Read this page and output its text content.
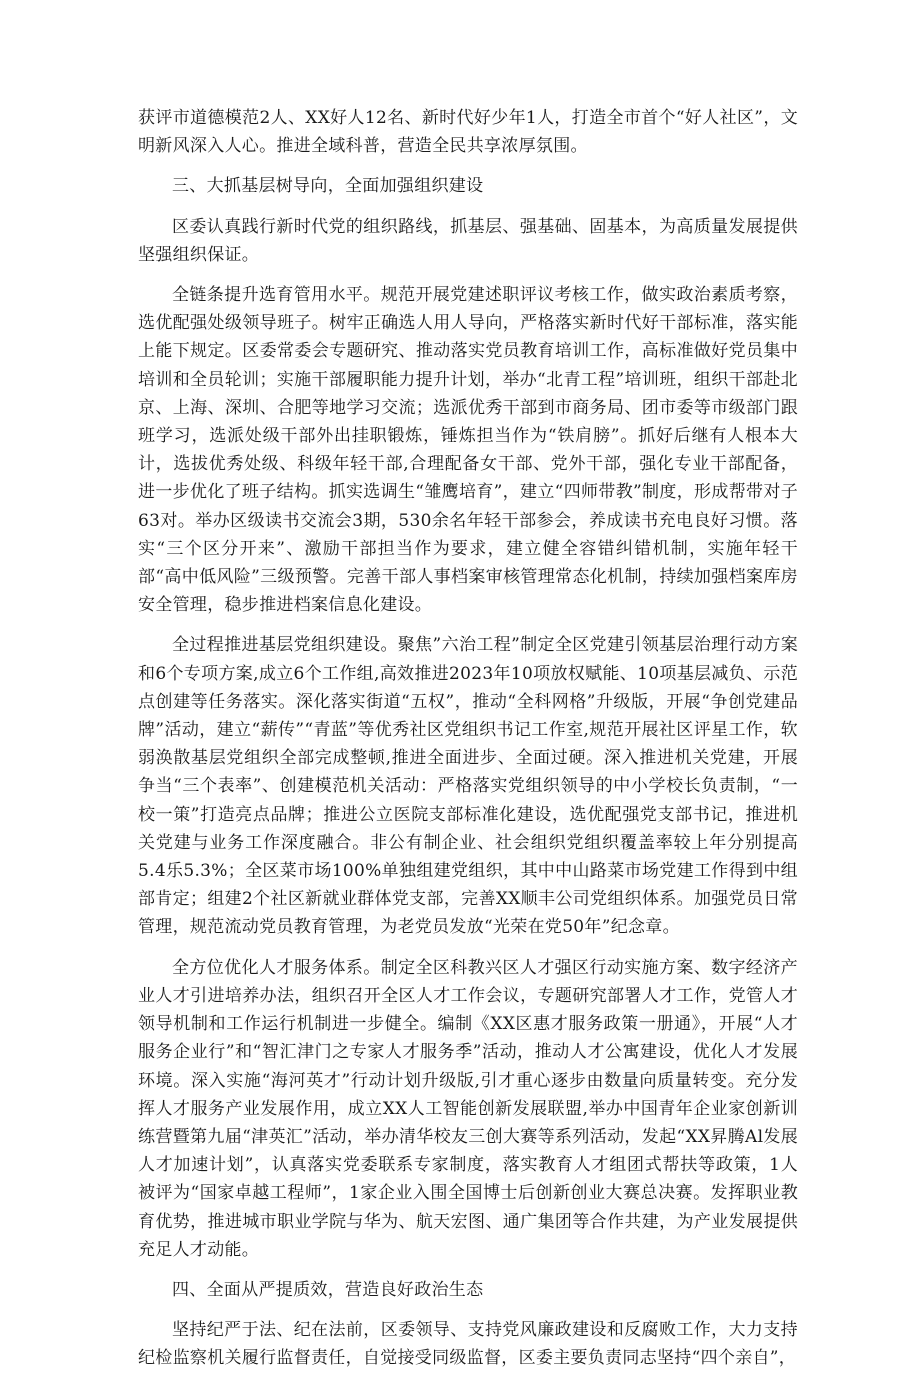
获评市道德模范2人、XX好人12名、新时代好少年1人，打造全市首个“好人社区”，文明新风深入人心。推进全域科普，营造全民共享浓厚氛围。

三、大抓基层树导向，全面加强组织建设

区委认真践行新时代党的组织路线，抓基层、强基础、固基本，为高质量发展提供坚强组织保证。

全链条提升选育管用水平。规范开展党建述职评议考核工作，做实政治素质考察，选优配强处级领导班子。树牢正确选人用人导向，严格落实新时代好干部标准，落实能上能下规定。区委常委会专题研究、推动落实党员教育培训工作，高标准做好党员集中培训和全员轮训；实施干部履职能力提升计划，举办“北青工程”培训班，组织干部赴北京、上海、深圳、合肥等地学习交流；选派优秀干部到市商务局、团市委等市级部门跟班学习，选派处级干部外出挂职锻炼，锤炼担当作为“铁肩膀”。抓好后继有人根本大计，选拔优秀处级、科级年轻干部,合理配备女干部、党外干部，强化专业干部配备，进一步优化了班子结构。抓实选调生“雏鹰培育”，建立“四师带教”制度，形成帮带对子63对。举办区级读书交流会3期，530余名年轻干部参会，养成读书充电良好习惯。落实“三个区分开来”、激励干部担当作为要求，建立健全容错纠错机制，实施年轻干部“高中低风险”三级预警。完善干部人事档案审核管理常态化机制，持续加强档案库房安全管理，稳步推进档案信息化建设。

全过程推进基层党组织建设。聚焦”六治工程”制定全区党建引领基层治理行动方案和6个专项方案,成立6个工作组,高效推进2023年10项放权赋能、10项基层减负、示范点创建等任务落实。深化落实街道“五权”，推动“全科网格”升级版，开展“争创党建品牌”活动，建立“薪传”“青蓝”等优秀社区党组织书记工作室,规范开展社区评星工作，软弱涣散基层党组织全部完成整顿,推进全面进步、全面过硬。深入推进机关党建，开展争当“三个表率”、创建模范机关活动：严格落实党组织领导的中小学校长负责制，“一校一策”打造亮点品牌；推进公立医院支部标准化建设，选优配强党支部书记，推进机关党建与业务工作深度融合。非公有制企业、社会组织党组织覆盖率较上年分别提高5.4乐5.3%；全区菜市场100%单独组建党组织，其中中山路菜市场党建工作得到中组部肯定；组建2个社区新就业群体党支部，完善XX顺丰公司党组织体系。加强党员日常管理，规范流动党员教育管理，为老党员发放“光荣在党50年”纪念章。

全方位优化人才服务体系。制定全区科教兴区人才强区行动实施方案、数字经济产业人才引进培养办法，组织召开全区人才工作会议，专题研究部署人才工作，党管人才领导机制和工作运行机制进一步健全。编制《XX区惠才服务政策一册通》，开展“人才服务企业行”和“智汇津门之专家人才服务季”活动，推动人才公寓建设，优化人才发展环境。深入实施“海河英才”行动计划升级版,引才重心逐步由数量向质量转变。充分发挥人才服务产业发展作用，成立XX人工智能创新发展联盟,举办中国青年企业家创新训练营暨第九届“津英汇”活动，举办清华校友三创大赛等系列活动，发起“XX昇腾Al发展人才加速计划”，认真落实党委联系专家制度，落实教育人才组团式帮扶等政策，1人被评为“国家卓越工程师”，1家企业入围全国博士后创新创业大赛总决赛。发挥职业教育优势，推进城市职业学院与华为、航天宏图、通广集团等合作共建，为产业发展提供充足人才动能。

四、全面从严提质效，营造良好政治生态

坚持纪严于法、纪在法前，区委领导、支持党风廉政建设和反腐败工作，大力支持纪检监察机关履行监督责任，自觉接受同级监督，区委主要负责同志坚持“四个亲自”，
